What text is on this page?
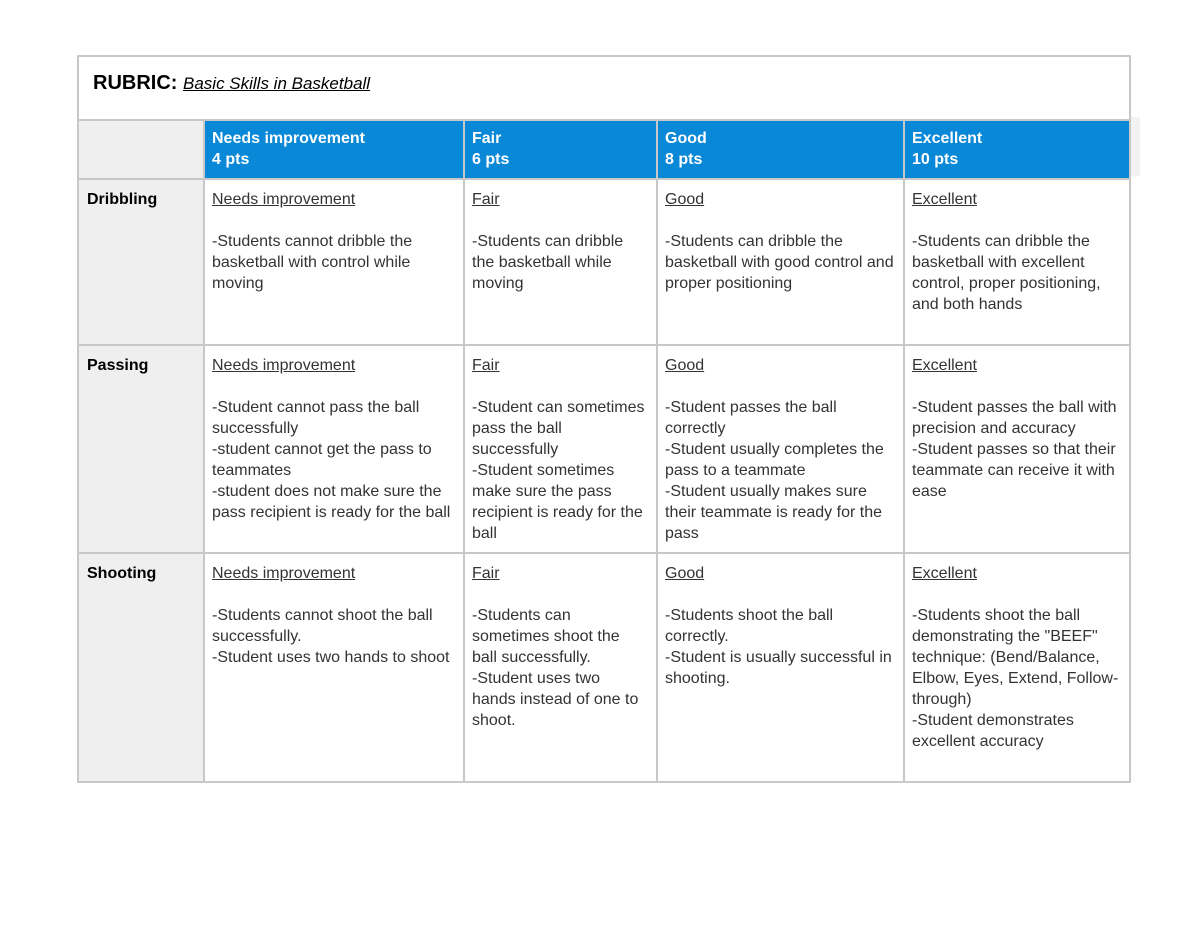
RUBRIC: Basic Skills in Basketball				

	Needs improvement
4 pts	Fair
6 pts	Good
8 pts	Excellent
10 pts

Dribbling	Needs improvement
-Students cannot dribble the basketball with control while moving	Fair
-Students can dribble the basketball while moving	Good
-Students can dribble the basketball with good control and proper positioning	Excellent
-Students can dribble the basketball with excellent control, proper positioning, and both hands

Passing	Needs improvement
-Student cannot pass the ball successfully
-student cannot get the pass to teammates
-student does not make sure the pass recipient is ready for the ball	Fair
-Student can sometimes pass the ball successfully
-Student sometimes make sure the pass recipient is ready for the ball	Good
-Student passes the ball correctly
-Student usually completes the pass to a teammate
-Student usually makes sure their teammate is ready for the pass	Excellent
-Student passes the ball with precision and accuracy
-Student passes so that their teammate can receive it with ease

Shooting	Needs improvement
-Students cannot shoot the ball successfully.
-Student uses two hands to shoot	Fair
-Students can sometimes shoot the ball successfully.
-Student uses two hands instead of one to shoot.	Good
-Students shoot the ball correctly.
-Student is usually successful in shooting.	Excellent
-Students shoot the ball demonstrating the "BEEF" technique: (Bend/Balance, Elbow, Eyes, Extend, Follow-through)
-Student demonstrates excellent accuracy
